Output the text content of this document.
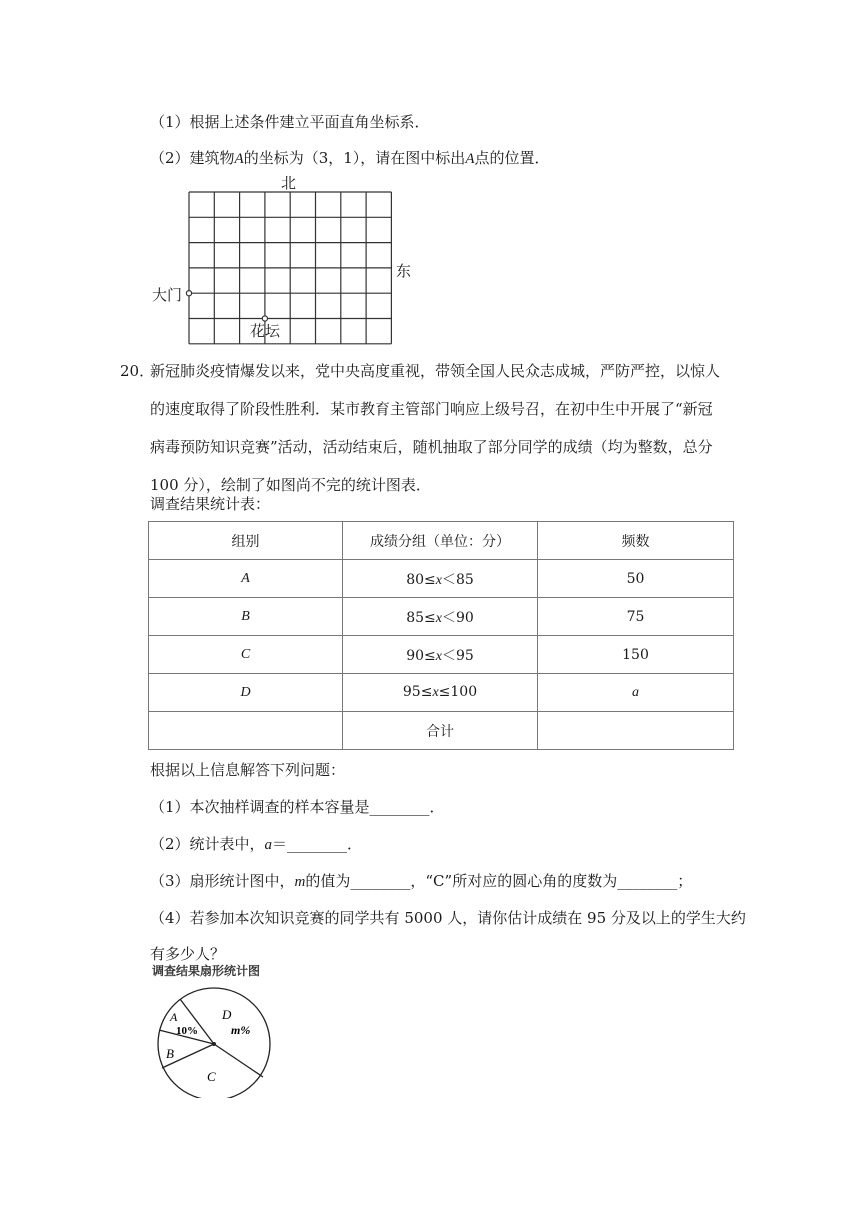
（1）根据上述条件建立平面直角坐标系．
（2）建筑物A的坐标为（3，1），请在图中标出A点的位置．
北
东
大门
花坛
20．
新冠肺炎疫情爆发以来，党中央高度重视，带领全国人民众志成城，严防严控，以惊人
的速度取得了阶段性胜利．某市教育主管部门响应上级号召，在初中生中开展了“新冠
病毒预防知识竞赛”活动，活动结束后，随机抽取了部分同学的成绩（均为整数，总分
100 分），绘制了如图尚不完的统计图表．
调查结果统计表：
组别	成绩分组（单位：分）	频数
A	80≤x＜85	50
B	85≤x＜90	75
C	90≤x＜95	150
D	95≤x≤100	a
	合计	
根据以上信息解答下列问题：
（1）本次抽样调查的样本容量是________．
（2）统计表中，a＝________．
（3）扇形统计图中，m的值为________，“C”所对应的圆心角的度数为________；
（4）若参加本次知识竞赛的同学共有 5000 人，请你估计成绩在 95 分及以上的学生大约
有多少人？
调查结果扇形统计图
A
10%
B
C
D
m%
